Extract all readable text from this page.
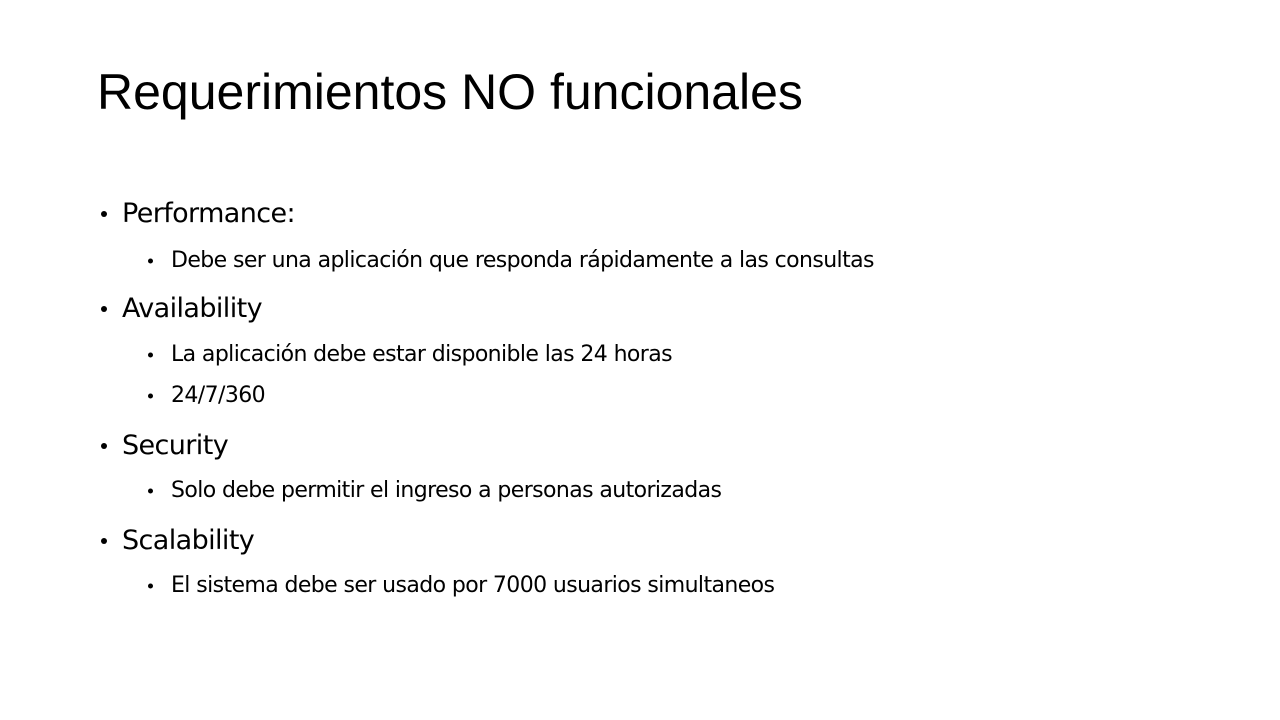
Requerimientos NO funcionales
Performance:
Debe ser una aplicación que responda rápidamente a las consultas
Availability
La aplicación debe estar disponible las 24 horas
24/7/360
Security
Solo debe permitir el ingreso a personas autorizadas
Scalability
El sistema debe ser usado por 7000 usuarios simultaneos
